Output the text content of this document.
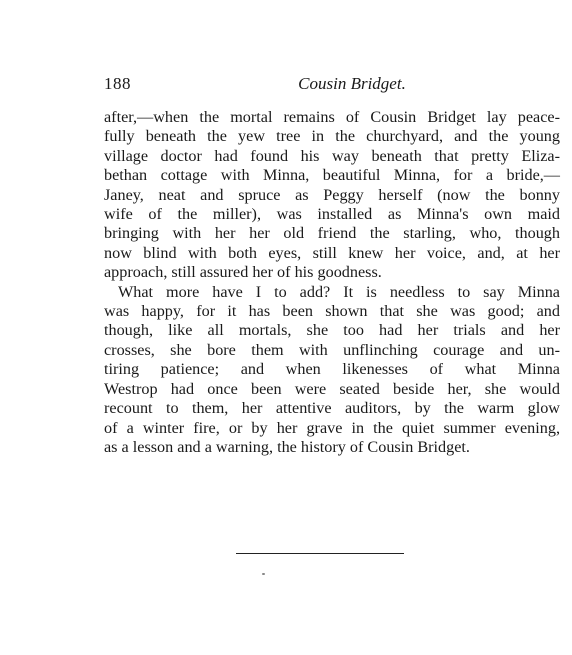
188	Cousin Bridget.
after,—when the mortal remains of Cousin Bridget lay peace-
fully beneath the yew tree in the churchyard, and the young
village doctor had found his way beneath that pretty Eliza-
bethan cottage with Minna, beautiful Minna, for a bride,—
Janey, neat and spruce as Peggy herself (now the bonny
wife of the miller), was installed as Minna's own maid
bringing with her her old friend the starling, who, though
now blind with both eyes, still knew her voice, and, at her
approach, still assured her of his goodness.
What more have I to add? It is needless to say Minna
was happy, for it has been shown that she was good; and
though, like all mortals, she too had her trials and her
crosses, she bore them with unflinching courage and un-
tiring patience; and when likenesses of what Minna
Westrop had once been were seated beside her, she would
recount to them, her attentive auditors, by the warm glow
of a winter fire, or by her grave in the quiet summer evening,
as a lesson and a warning, the history of Cousin Bridget.
